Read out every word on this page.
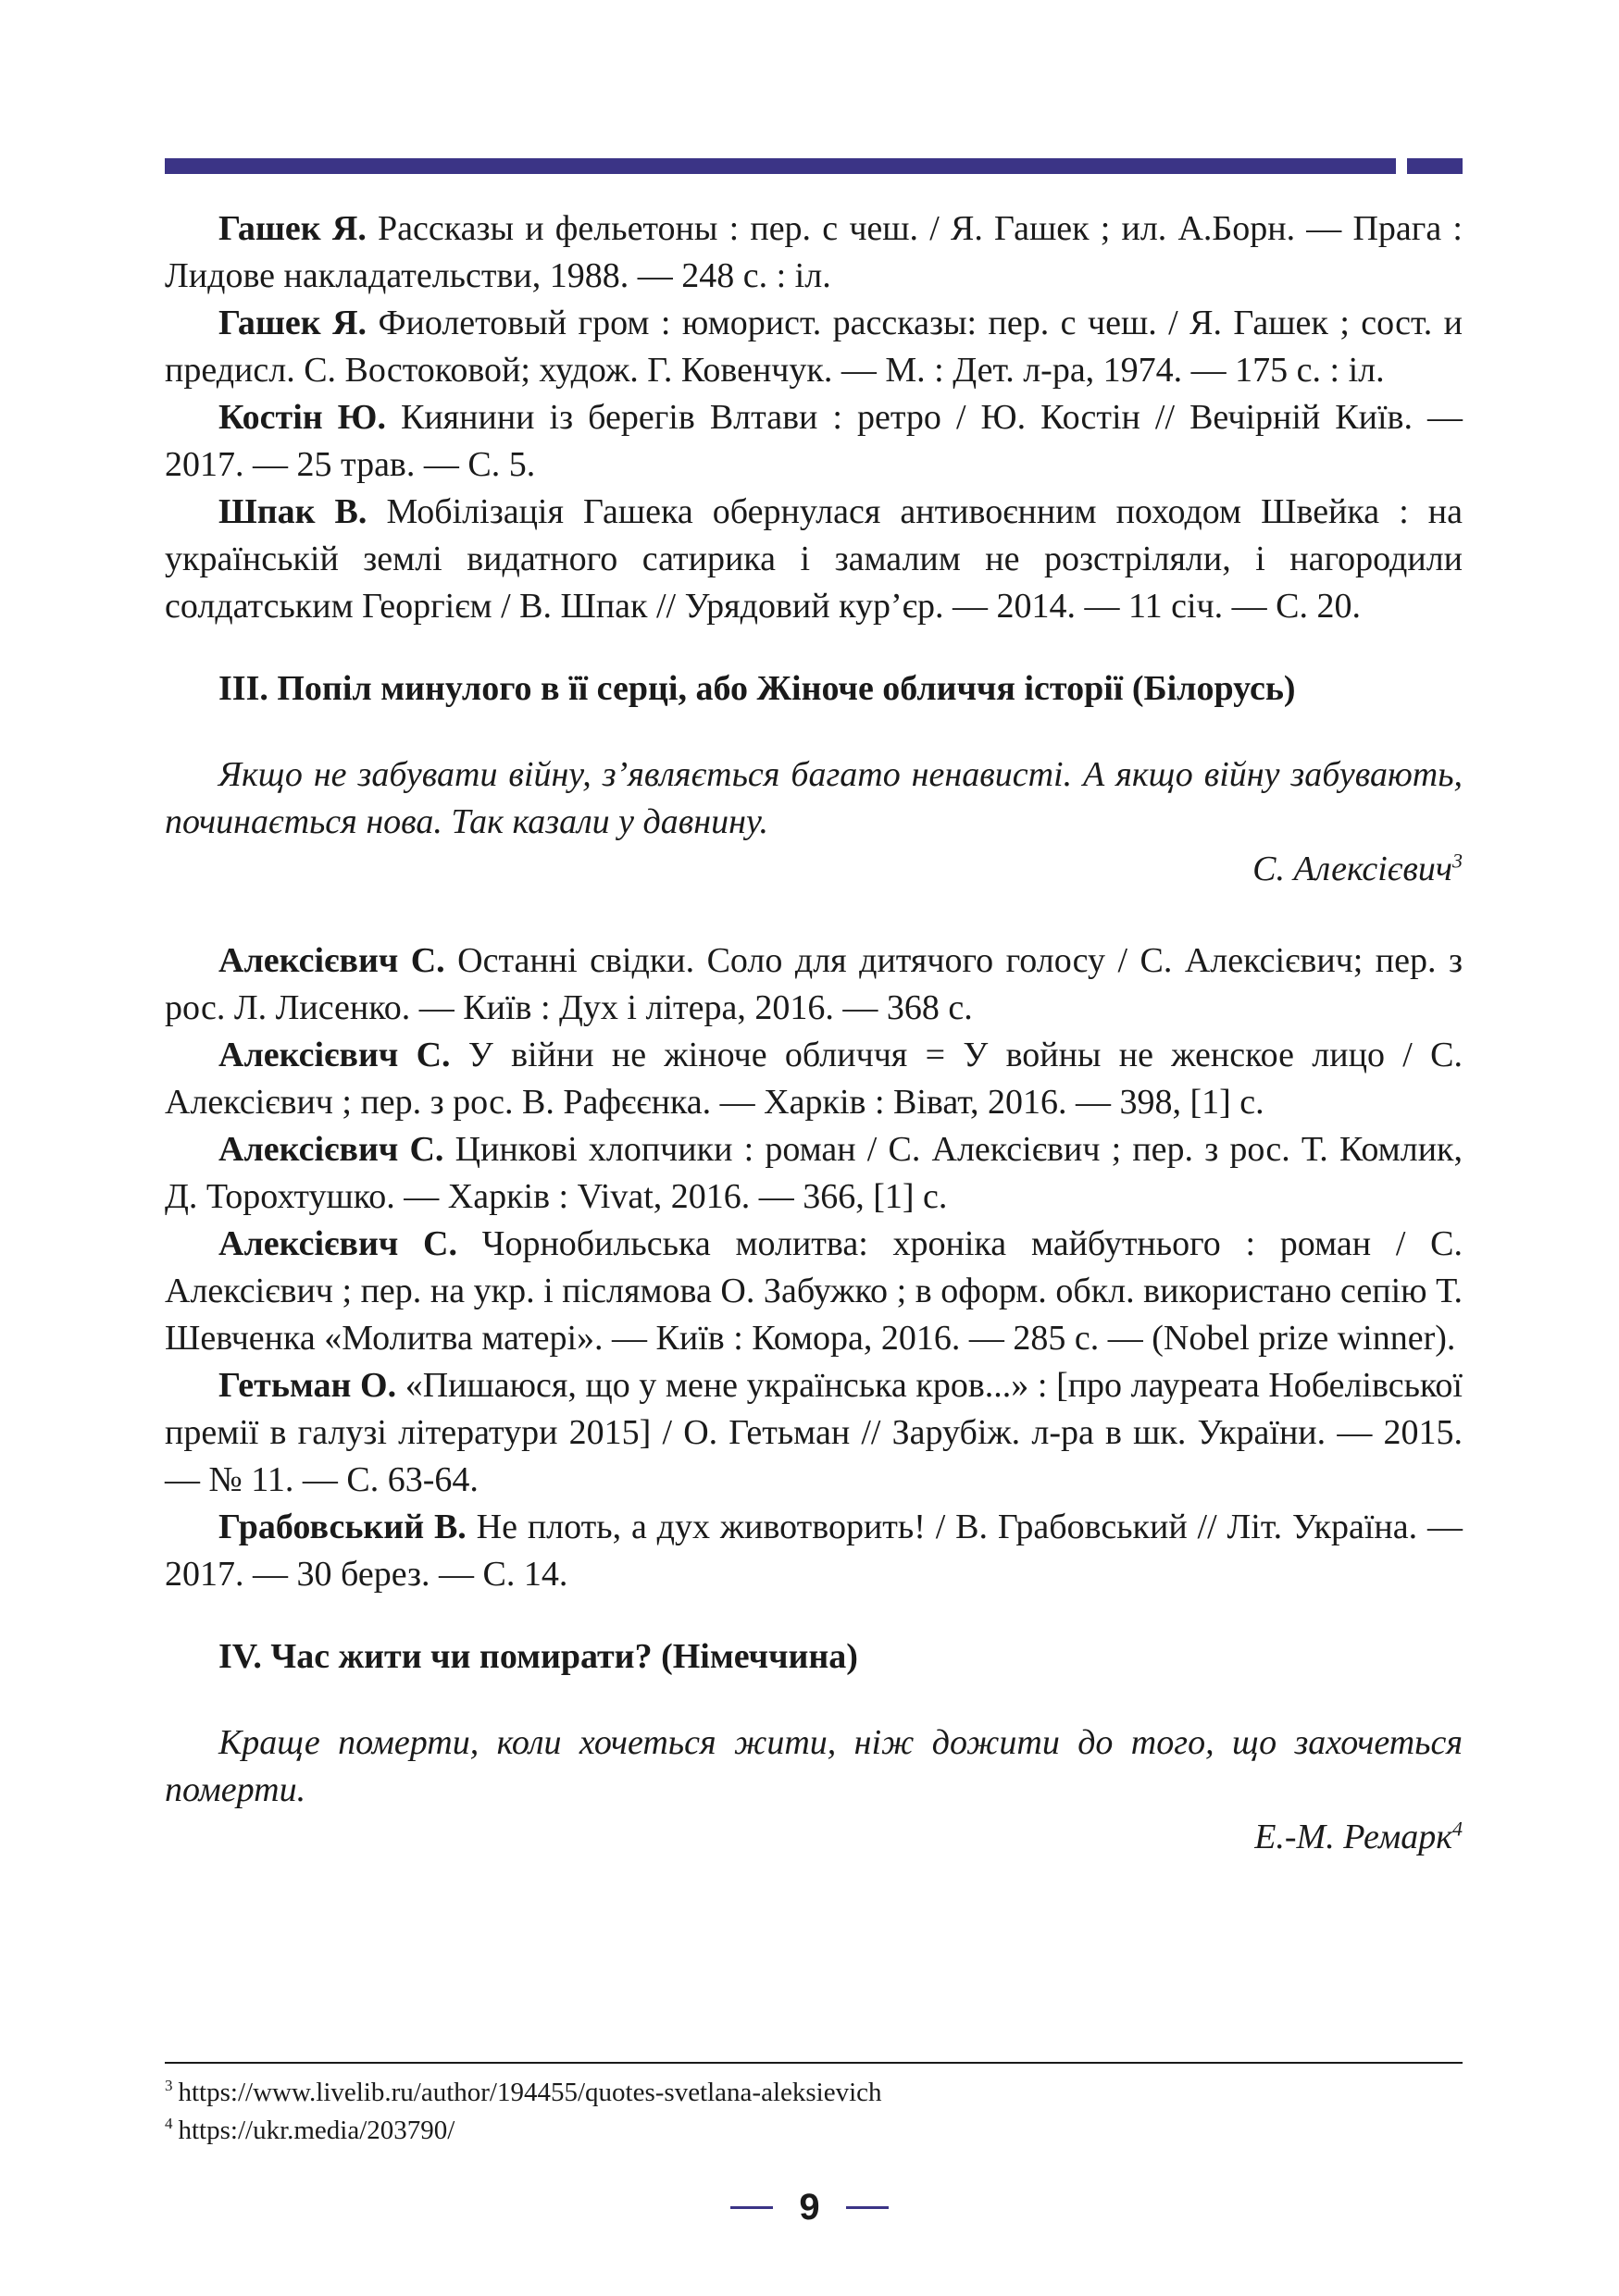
Гашек Я. Рассказы и фельетоны : пер. с чеш. / Я. Гашек ; ил. А.Борн. — Прага : Лидове накладательстви, 1988. — 248 с. : іл.

Гашек Я. Фиолетовый гром : юморист. рассказы: пер. с чеш. / Я. Гашек ; сост. и предисл. С. Востоковой; худож. Г. Ковенчук. — М. : Дет. л-ра, 1974. — 175 с. : іл.

Костін Ю. Киянини із берегів Влтави : ретро / Ю. Костін // Вечірній Київ. — 2017. — 25 трав. — С. 5.

Шпак В. Мобілізація Гашека обернулася антивоєнним походом Швейка : на українській землі видатного сатирика і замалим не розстріляли, і нагородили солдатським Георгієм / В. Шпак // Урядовий кур’єр. — 2014. — 11 січ. — С. 20.

ІІІ. Попіл минулого в її серці, або Жіноче обличчя історії (Білорусь)

Якщо не забувати війну, з’являється багато ненависті. А якщо війну забувають, починається нова. Так казали у давнину.

С. Алексієвич$^3$

Алексієвич С. Останні свідки. Соло для дитячого голосу / С. Алексієвич; пер. з рос. Л. Лисенко. — Київ : Дух і літера, 2016. — 368 с.

Алексієвич С. У війни не жіноче обличчя = У войны не женское лицо / С. Алексієвич ; пер. з рос. В. Рафєєнка. — Харків : Віват, 2016. — 398, [1] с.

Алексієвич С. Цинкові хлопчики : роман / С. Алексієвич ; пер. з рос. Т. Комлик, Д. Торохтушко. — Харків : Vivat, 2016. — 366, [1] с.

Алексієвич С. Чорнобильська молитва: хроніка майбутнього : роман / С. Алексієвич ; пер. на укр. і післямова О. Забужко ; в оформ. обкл. використано сепію Т. Шевченка «Молитва матері». — Київ : Комора, 2016. — 285 с. — (Nobel prize winner).

Гетьман О. «Пишаюся, що у мене українська кров...» : [про лауреата Нобелівської премії в галузі літератури 2015] / О. Гетьман // Зарубіж. л-ра в шк. України. — 2015. — № 11. — С. 63-64.

Грабовський В. Не плоть, а дух животворить! / В. Грабовський // Літ. Україна. — 2017. — 30 берез. — С. 14.

IV. Час жити чи помирати? (Німеччина)

Краще померти, коли хочеться жити, ніж дожити до того, що захочеться померти.

Е.-М. Ремарк$^4$

$^3$ https://www.livelib.ru/author/194455/quotes-svetlana-aleksievich

$^4$ https://ukr.media/203790/

9
